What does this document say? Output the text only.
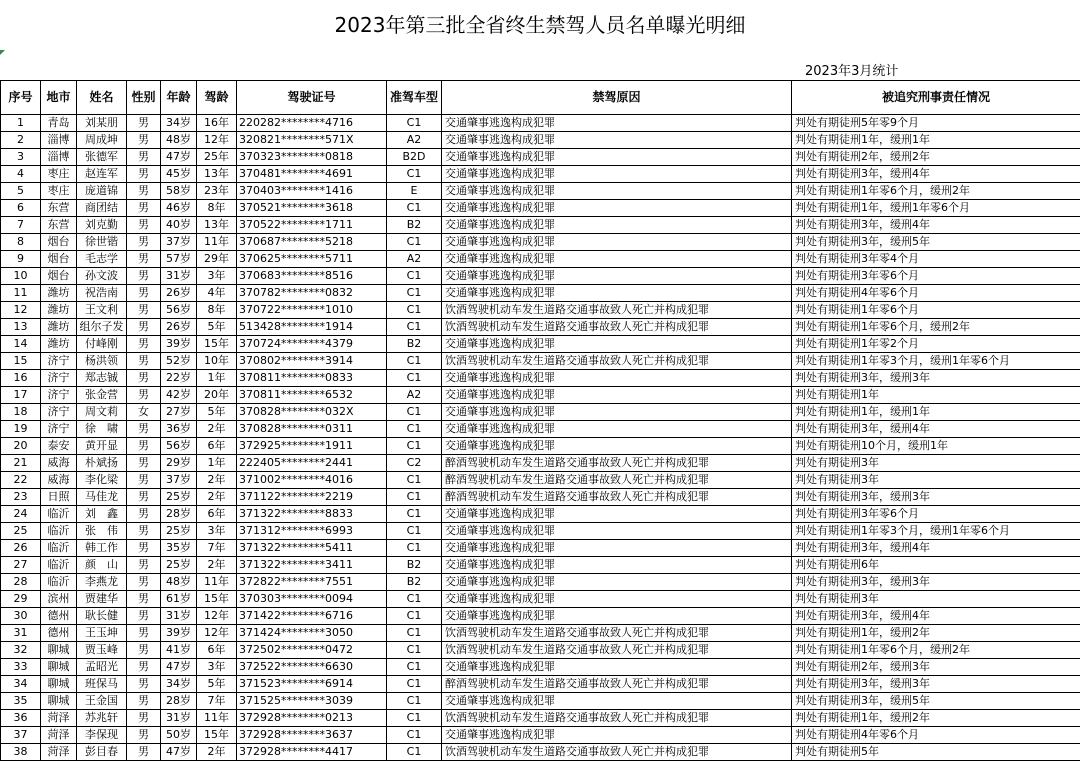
2023年第三批全省终生禁驾人员名单曝光明细
2023年3月统计
序号	地市	姓名	性别	年龄	驾龄	驾驶证号	准驾车型	禁驾原因	被追究刑事责任情况
1	青岛	刘某朋	男	34岁	16年	220282********4716	C1	交通肇事逃逸构成犯罪	判处有期徒刑5年零9个月
2	淄博	周成坤	男	48岁	12年	320821********571X	A2	交通肇事逃逸构成犯罪	判处有期徒刑1年，缓刑1年
3	淄博	张德军	男	47岁	25年	370323********0818	B2D	交通肇事逃逸构成犯罪	判处有期徒刑2年，缓刑2年
4	枣庄	赵连军	男	45岁	13年	370481********4691	C1	交通肇事逃逸构成犯罪	判处有期徒刑3年，缓刑4年
5	枣庄	庞道锦	男	58岁	23年	370403********1416	E	交通肇事逃逸构成犯罪	判处有期徒刑1年零6个月，缓刑2年
6	东营	商团结	男	46岁	8年	370521********3618	C1	交通肇事逃逸构成犯罪	判处有期徒刑1年，缓刑1年零6个月
7	东营	刘克勤	男	40岁	13年	370522********1711	B2	交通肇事逃逸构成犯罪	判处有期徒刑3年，缓刑4年
8	烟台	徐世锴	男	37岁	11年	370687********5218	C1	交通肇事逃逸构成犯罪	判处有期徒刑3年，缓刑5年
9	烟台	毛志学	男	57岁	29年	370625********5711	A2	交通肇事逃逸构成犯罪	判处有期徒刑3年零4个月
10	烟台	孙文波	男	31岁	3年	370683********8516	C1	交通肇事逃逸构成犯罪	判处有期徒刑3年零6个月
11	潍坊	祝浩南	男	26岁	4年	370782********0832	C1	交通肇事逃逸构成犯罪	判处有期徒刑4年零6个月
12	潍坊	王文利	男	56岁	8年	370722********1010	C1	饮酒驾驶机动车发生道路交通事故致人死亡并构成犯罪	判处有期徒刑1年零6个月
13	潍坊	组尔子发	男	26岁	5年	513428********1914	C1	饮酒驾驶机动车发生道路交通事故致人死亡并构成犯罪	判处有期徒刑1年零6个月，缓刑2年
14	潍坊	付峰刚	男	39岁	15年	370724********4379	B2	交通肇事逃逸构成犯罪	判处有期徒刑1年零2个月
15	济宁	杨洪领	男	52岁	10年	370802********3914	C1	饮酒驾驶机动车发生道路交通事故致人死亡并构成犯罪	判处有期徒刑1年零3个月，缓刑1年零6个月
16	济宁	郑志铖	男	22岁	1年	370811********0833	C1	交通肇事逃逸构成犯罪	判处有期徒刑3年，缓刑3年
17	济宁	张金营	男	42岁	20年	370811********6532	A2	交通肇事逃逸构成犯罪	判处有期徒刑1年
18	济宁	周文莉	女	27岁	5年	370828********032X	C1	交通肇事逃逸构成犯罪	判处有期徒刑1年，缓刑1年
19	济宁	徐　啸	男	36岁	2年	370828********0311	C1	交通肇事逃逸构成犯罪	判处有期徒刑3年，缓刑4年
20	泰安	黄开显	男	56岁	6年	372925********1911	C1	交通肇事逃逸构成犯罪	判处有期徒刑10个月，缓刑1年
21	威海	朴斌扬	男	29岁	1年	222405********2441	C2	醉酒驾驶机动车发生道路交通事故致人死亡并构成犯罪	判处有期徒刑3年
22	威海	李化梁	男	37岁	2年	371002********4016	C1	醉酒驾驶机动车发生道路交通事故致人死亡并构成犯罪	判处有期徒刑3年
23	日照	马佳龙	男	25岁	2年	371122********2219	C1	醉酒驾驶机动车发生道路交通事故致人死亡并构成犯罪	判处有期徒刑3年，缓刑3年
24	临沂	刘　鑫	男	28岁	6年	371322********8833	C1	交通肇事逃逸构成犯罪	判处有期徒刑3年零6个月
25	临沂	张　伟	男	25岁	3年	371312********6993	C1	交通肇事逃逸构成犯罪	判处有期徒刑1年零3个月，缓刑1年零6个月
26	临沂	韩工作	男	35岁	7年	371322********5411	C1	交通肇事逃逸构成犯罪	判处有期徒刑3年，缓刑4年
27	临沂	颜　山	男	25岁	2年	371322********3411	B2	交通肇事逃逸构成犯罪	判处有期徒刑6年
28	临沂	李燕龙	男	48岁	11年	372822********7551	B2	交通肇事逃逸构成犯罪	判处有期徒刑3年，缓刑3年
29	滨州	贾建华	男	61岁	15年	370303********0094	C1	交通肇事逃逸构成犯罪	判处有期徒刑3年
30	德州	耿长健	男	31岁	12年	371422********6716	C1	交通肇事逃逸构成犯罪	判处有期徒刑3年，缓刑4年
31	德州	王玉坤	男	39岁	12年	371424********3050	C1	饮酒驾驶机动车发生道路交通事故致人死亡并构成犯罪	判处有期徒刑1年，缓刑2年
32	聊城	贾玉峰	男	41岁	6年	372502********0472	C1	饮酒驾驶机动车发生道路交通事故致人死亡并构成犯罪	判处有期徒刑1年零6个月，缓刑2年
33	聊城	孟昭光	男	47岁	3年	372522********6630	C1	交通肇事逃逸构成犯罪	判处有期徒刑2年，缓刑3年
34	聊城	班保马	男	34岁	5年	371523********6914	C1	醉酒驾驶机动车发生道路交通事故致人死亡并构成犯罪	判处有期徒刑3年，缓刑3年
35	聊城	王金国	男	28岁	7年	371525********3039	C1	交通肇事逃逸构成犯罪	判处有期徒刑3年，缓刑5年
36	菏泽	苏兆轩	男	31岁	11年	372928********0213	C1	饮酒驾驶机动车发生道路交通事故致人死亡并构成犯罪	判处有期徒刑1年，缓刑2年
37	菏泽	李保现	男	50岁	15年	372928********3637	C1	交通肇事逃逸构成犯罪	判处有期徒刑4年零6个月
38	菏泽	彭目春	男	47岁	2年	372928********4417	C1	饮酒驾驶机动车发生道路交通事故致人死亡并构成犯罪	判处有期徒刑5年
